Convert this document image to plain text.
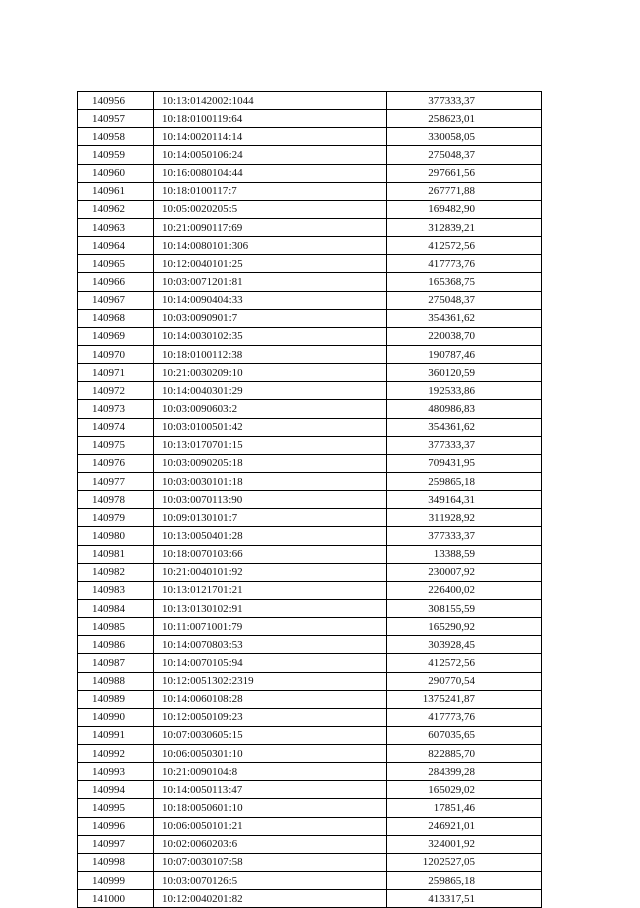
140956	10:13:0142002:1044	377333,37
140957	10:18:0100119:64	258623,01
140958	10:14:0020114:14	330058,05
140959	10:14:0050106:24	275048,37
140960	10:16:0080104:44	297661,56
140961	10:18:0100117:7	267771,88
140962	10:05:0020205:5	169482,90
140963	10:21:0090117:69	312839,21
140964	10:14:0080101:306	412572,56
140965	10:12:0040101:25	417773,76
140966	10:03:0071201:81	165368,75
140967	10:14:0090404:33	275048,37
140968	10:03:0090901:7	354361,62
140969	10:14:0030102:35	220038,70
140970	10:18:0100112:38	190787,46
140971	10:21:0030209:10	360120,59
140972	10:14:0040301:29	192533,86
140973	10:03:0090603:2	480986,83
140974	10:03:0100501:42	354361,62
140975	10:13:0170701:15	377333,37
140976	10:03:0090205:18	709431,95
140977	10:03:0030101:18	259865,18
140978	10:03:0070113:90	349164,31
140979	10:09:0130101:7	311928,92
140980	10:13:0050401:28	377333,37
140981	10:18:0070103:66	13388,59
140982	10:21:0040101:92	230007,92
140983	10:13:0121701:21	226400,02
140984	10:13:0130102:91	308155,59
140985	10:11:0071001:79	165290,92
140986	10:14:0070803:53	303928,45
140987	10:14:0070105:94	412572,56
140988	10:12:0051302:2319	290770,54
140989	10:14:0060108:28	1375241,87
140990	10:12:0050109:23	417773,76
140991	10:07:0030605:15	607035,65
140992	10:06:0050301:10	822885,70
140993	10:21:0090104:8	284399,28
140994	10:14:0050113:47	165029,02
140995	10:18:0050601:10	17851,46
140996	10:06:0050101:21	246921,01
140997	10:02:0060203:6	324001,92
140998	10:07:0030107:58	1202527,05
140999	10:03:0070126:5	259865,18
141000	10:12:0040201:82	413317,51
